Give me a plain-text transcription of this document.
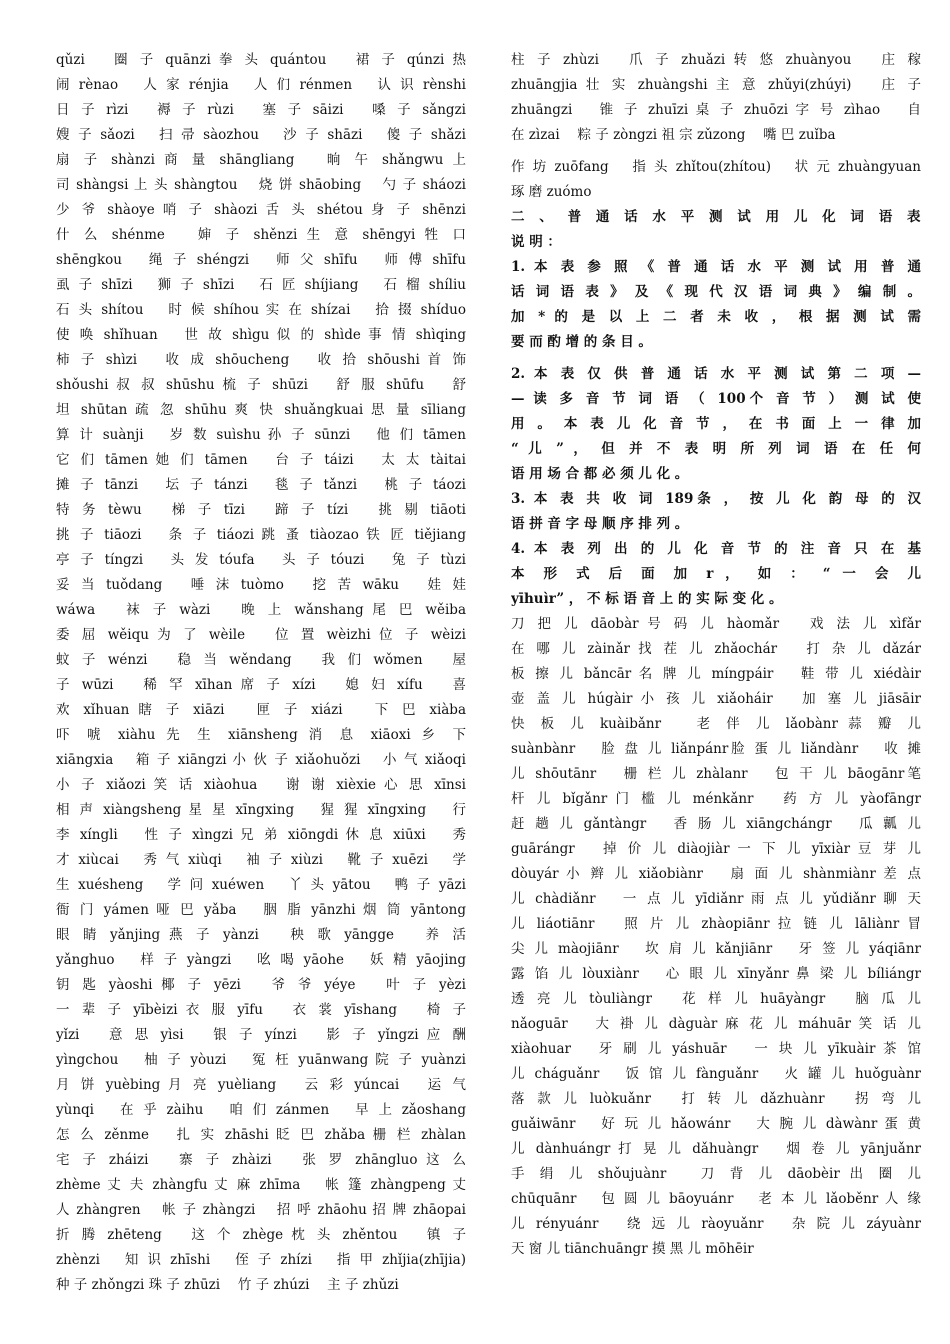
qǔzi　 圈 子 quānzi 拳 头 quántou　 裙 子 qúnzi 热
闹 rènao　 人 家 rénjia　 人 们 rénmen　 认 识 rènshi
日 子 rìzi　 褥 子 rùzi　 塞 子 sāizi　 嗓 子 sǎngzi
嫂 子 sǎozi　 扫 帚 sàozhou　 沙 子 shāzi　 傻 子 shǎzi
扇 子 shànzi 商 量 shāngliang　 晌 午 shǎngwu 上
司 shàngsi 上 头 shàngtou　 烧 饼 shāobing　 勺 子 sháozi
少 爷 shàoye 哨 子 shàozi 舌 头 shétou 身 子 shēnzi
什 么 shénme　 婶 子 shěnzi 生 意 shēngyi 牲 口
shēngkou　 绳 子 shéngzi　 师 父 shīfu　 师 傅 shīfu
虱 子 shīzi　 狮 子 shīzi　 石 匠 shíjiang　 石 榴 shíliu
石 头 shítou　 时 候 shíhou 实 在 shízai　 拾 掇 shíduo
使 唤 shǐhuan　 世 故 shìgu 似 的 shìde 事 情 shìqing
柿 子 shìzi　 收 成 shōucheng　 收 拾 shōushi 首 饰
shǒushi 叔 叔 shūshu 梳 子 shūzi　 舒 服 shūfu　 舒
坦 shūtan 疏 忽 shūhu 爽 快 shuǎngkuai 思 量 sīliang
算 计 suànji　 岁 数 suìshu 孙 子 sūnzi　 他 们 tāmen
它 们 tāmen 她 们 tāmen　 台 子 táizi　 太 太 tàitai
摊 子 tānzi　 坛 子 tánzi　 毯 子 tǎnzi　 桃 子 táozi
特 务 tèwu　 梯 子 tīzi　 蹄 子 tízi　 挑 剔 tiāoti
挑 子 tiāozi　 条 子 tiáozi 跳 蚤 tiàozao 铁 匠 tiějiang
亭 子 tíngzi　 头 发 tóufa　 头 子 tóuzi　 兔 子 tùzi
妥 当 tuǒdang　 唾 沫 tuòmo　 挖 苦 wāku　 娃 娃
wáwa　 袜 子 wàzi　 晚 上 wǎnshang 尾 巴 wěiba
委 屈 wěiqu 为 了 wèile　 位 置 wèizhi 位 子 wèizi
蚊 子 wénzi　 稳 当 wěndang　 我 们 wǒmen　 屋
子 wūzi　 稀 罕 xīhan 席 子 xízi　 媳 妇 xífu　 喜
欢 xǐhuan 瞎 子 xiāzi　 匣 子 xiázi　 下 巴 xiàba
吓 唬 xiàhu 先 生 xiānsheng 消 息 xiāoxi 乡 下
xiāngxia　 箱 子 xiāngzi 小 伙 子 xiǎohuǒzi　 小 气 xiǎoqi
小 子 xiǎozi 笑 话 xiàohua　 谢 谢 xièxie 心 思 xīnsi
相 声 xiàngsheng 星 星 xīngxing　 猩 猩 xīngxing　 行
李 xíngli　 性 子 xìngzi 兄 弟 xiōngdi 休 息 xiūxi　 秀
才 xiùcai　 秀 气 xiùqi　 袖 子 xiùzi　 靴 子 xuēzi　 学
生 xuésheng　 学 问 xuéwen　 丫 头 yātou　 鸭 子 yāzi
衙 门 yámen 哑 巴 yǎba　 胭 脂 yānzhi 烟 筒 yāntong
眼 睛 yǎnjing 燕 子 yànzi　 秧 歌 yāngge　 养 活
yǎnghuo　 样 子 yàngzi　 吆 喝 yāohe　 妖 精 yāojing
钥 匙 yàoshi 椰 子 yēzi　 爷 爷 yéye　 叶 子 yèzi
一 辈 子 yībèizi 衣 服 yīfu　 衣 裳 yīshang　 椅 子
yǐzi　 意 思 yìsi　 银 子 yínzi　 影 子 yǐngzi 应 酬
yìngchou　 柚 子 yòuzi　 冤 枉 yuānwang 院 子 yuànzi
月 饼 yuèbing 月 亮 yuèliang　 云 彩 yúncai　 运 气
yùnqi　 在 乎 zàihu　 咱 们 zánmen　 早 上 zǎoshang
怎 么 zěnme　 扎 实 zhāshi 眨 巴 zhǎba 栅 栏 zhàlan
宅 子 zháizi　 寨 子 zhàizi　 张 罗 zhāngluo 这 么
zhème 丈 夫 zhàngfu 丈 麻 zhīma　 帐 篷 zhàngpeng 丈
人 zhàngren　 帐 子 zhàngzi　 招 呼 zhāohu 招 牌 zhāopai
折 腾 zhēteng　 这 个 zhège 枕 头 zhěntou　 镇 子
zhènzi　 知 识 zhīshi　 侄 子 zhízi　 指 甲 zhǐjia(zhījia)
种 子 zhǒngzi 珠 子 zhūzi　 竹 子 zhúzi　 主 子 zhǔzi
柱 子 zhùzi　 爪 子 zhuǎzi 转 悠 zhuànyou　 庄 稼
zhuāngjia 壮 实 zhuàngshi 主 意 zhǔyi(zhúyi)　 庄 子
zhuāngzi　 锥 子 zhuīzi 桌 子 zhuōzi 字 号 zìhao　 自
在 zìzai　 粽 子 zòngzi 祖 宗 zǔzong　 嘴 巴 zuǐba
作 坊 zuōfang　 指 头 zhǐtou(zhítou)　 状 元 zhuàngyuan
琢 磨 zuómo
二 、 普 通 话 水 平 测 试 用 儿 化 词 语 表
说 明 ：
1. 本 表 参 照 《 普 通 话 水 平 测 试 用 普 通
话 词 语 表 》 及 《 现 代 汉 语 词 典 》 编 制 。
加 * 的 是 以 上 二 者 未 收 ， 根 据 测 试 需
要 而 酌 增 的 条 目 。
2. 本 表 仅 供 普 通 话 水 平 测 试 第 二 项 —
— 读 多 音 节 词 语 （ 100个 音 节 ） 测 试 使
用 。 本 表 儿 化 音 节 ， 在 书 面 上 一 律 加
“ 儿 ” ， 但 并 不 表 明 所 列 词 语 在 任 何
语 用 场 合 都 必 须 儿 化 。
3. 本 表 共 收 词 189条 ， 按 儿 化 韵 母 的 汉
语 拼 音 字 母 顺 序 排 列 。
4. 本 表 列 出 的 儿 化 音 节 的 注 音 只 在 基
本 形 式 后 面 加 r ， 如 ： “ 一 会 儿
yīhuìr” ， 不 标 语 音 上 的 实 际 变 化 。
刀 把 儿 dāobàr 号 码 儿 hàomǎr　 戏 法 儿 xìfǎr
在 哪 儿 zàinǎr 找 茬 儿 zhǎochár　 打 杂 儿 dǎzár
板 擦 儿 bǎncār 名 牌 儿 míngpáir　 鞋 带 儿 xiédàir
壶 盖 儿 húgàir 小 孩 儿 xiǎoháir　 加 塞 儿 jiāsāir
快 板 儿 kuàibǎnr　 老 伴 儿 lǎobànr 蒜 瓣 儿
suànbànr　 脸 盘 儿 liǎnpánr脸 蛋 儿 liǎndànr　 收 摊
儿 shōutānr　 栅 栏 儿 zhàlanr　 包 干 儿 bāogānr笔
杆 儿 bǐgǎnr 门 槛 儿 ménkǎnr　 药 方 儿 yàofāngr
赶 趟 儿 gǎntàngr　 香 肠 儿 xiāngchángr　 瓜 瓤 儿
guārángr　 掉 价 儿 diàojiàr 一 下 儿 yīxiàr 豆 芽 儿
dòuyár 小 辫 儿 xiǎobiànr　 扇 面 儿 shànmiànr 差 点
儿 chàdiǎnr　 一 点 儿 yīdiǎnr 雨 点 儿 yǔdiǎnr 聊 天
儿 liáotiānr　 照 片 儿 zhàopiānr 拉 链 儿 lāliànr 冒
尖 儿 màojiānr　 坎 肩 儿 kǎnjiānr　 牙 签 儿 yáqiānr
露 馅 儿 lòuxiànr　 心 眼 儿 xīnyǎnr 鼻 梁 儿 bíliángr
透 亮 儿 tòuliàngr　 花 样 儿 huāyàngr　 脑 瓜 儿
nǎoguār　 大 褂 儿 dàguàr 麻 花 儿 máhuār 笑 话 儿
xiàohuar　 牙 刷 儿 yáshuār　 一 块 儿 yīkuàir 茶 馆
儿 cháguǎnr　 饭 馆 儿 fànguǎnr　 火 罐 儿 huǒguànr
落 款 儿 luòkuǎnr　 打 转 儿 dǎzhuànr　 拐 弯 儿
guǎiwānr　 好 玩 儿 hǎowánr　 大 腕 儿 dàwànr 蛋 黄
儿 dànhuángr 打 晃 儿 dǎhuàngr　 烟 卷 儿 yānjuǎnr
手 绢 儿 shǒujuànr　 刀 背 儿 dāobèir 出 圈 儿
chūquānr　 包 圆 儿 bāoyuánr　 老 本 儿 lǎoběnr 人 缘
儿 rényuánr　 绕 远 儿 ràoyuǎnr　 杂 院 儿 záyuànr
天 窗 儿 tiānchuāngr 摸 黑 儿 mōhēir
